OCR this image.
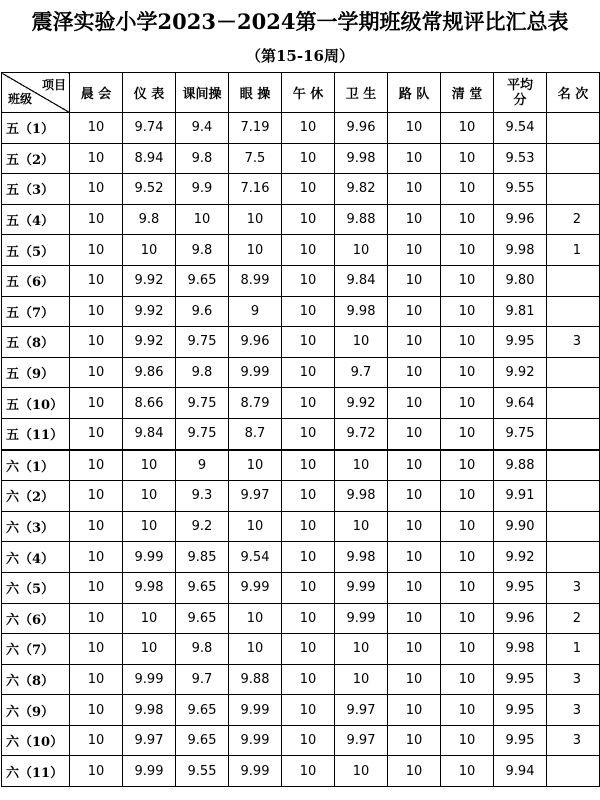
震泽实验小学2023－2024第一学期班级常规评比汇总表
（第15-16周）
项目
班级	晨 会	仪 表	课间操	眼 操	午 休	卫 生	路 队	清 堂	平均分	名 次
五（1）	10	9.74	9.4	7.19	10	9.96	10	10	9.54	
五（2）	10	8.94	9.8	7.5	10	9.98	10	10	9.53	
五（3）	10	9.52	9.9	7.16	10	9.82	10	10	9.55	
五（4）	10	9.8	10	10	10	9.88	10	10	9.96	2
五（5）	10	10	9.8	10	10	10	10	10	9.98	1
五（6）	10	9.92	9.65	8.99	10	9.84	10	10	9.80	
五（7）	10	9.92	9.6	9	10	9.98	10	10	9.81	
五（8）	10	9.92	9.75	9.96	10	10	10	10	9.95	3
五（9）	10	9.86	9.8	9.99	10	9.7	10	10	9.92	
五（10）	10	8.66	9.75	8.79	10	9.92	10	10	9.64	
五（11）	10	9.84	9.75	8.7	10	9.72	10	10	9.75	
六（1）	10	10	9	10	10	10	10	10	9.88	
六（2）	10	10	9.3	9.97	10	9.98	10	10	9.91	
六（3）	10	10	9.2	10	10	10	10	10	9.90	
六（4）	10	9.99	9.85	9.54	10	9.98	10	10	9.92	
六（5）	10	9.98	9.65	9.99	10	9.99	10	10	9.95	3
六（6）	10	10	9.65	10	10	9.99	10	10	9.96	2
六（7）	10	10	9.8	10	10	10	10	10	9.98	1
六（8）	10	9.99	9.7	9.88	10	10	10	10	9.95	3
六（9）	10	9.98	9.65	9.99	10	9.97	10	10	9.95	3
六（10）	10	9.97	9.65	9.99	10	9.97	10	10	9.95	3
六（11）	10	9.99	9.55	9.99	10	10	10	10	9.94	
